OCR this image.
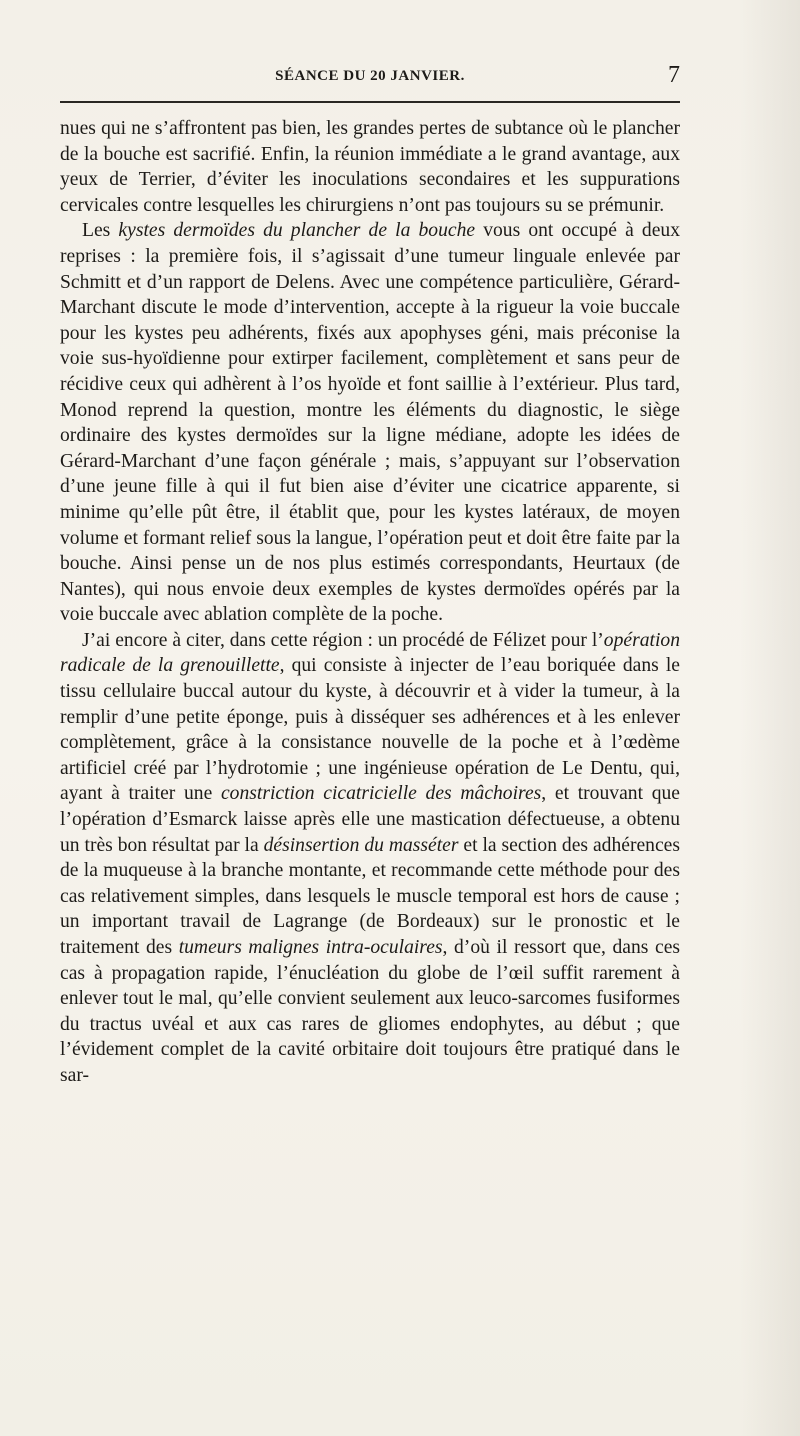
SÉANCE DU 20 JANVIER.	7

nues qui ne s’affrontent pas bien, les grandes pertes de subtance où le plancher de la bouche est sacrifié. Enfin, la réunion immédiate a le grand avantage, aux yeux de Terrier, d’éviter les inoculations secondaires et les suppurations cervicales contre lesquelles les chirurgiens n’ont pas toujours su se prémunir.

Les kystes dermoïdes du plancher de la bouche vous ont occupé à deux reprises : la première fois, il s’agissait d’une tumeur linguale enlevée par Schmitt et d’un rapport de Delens. Avec une compétence particulière, Gérard-Marchant discute le mode d’intervention, accepte à la rigueur la voie buccale pour les kystes peu adhérents, fixés aux apophyses géni, mais préconise la voie sus-hyoïdienne pour extirper facilement, complètement et sans peur de récidive ceux qui adhèrent à l’os hyoïde et font saillie à l’extérieur. Plus tard, Monod reprend la question, montre les éléments du diagnostic, le siège ordinaire des kystes dermoïdes sur la ligne médiane, adopte les idées de Gérard-Marchant d’une façon générale ; mais, s’appuyant sur l’observation d’une jeune fille à qui il fut bien aise d’éviter une cicatrice apparente, si minime qu’elle pût être, il établit que, pour les kystes latéraux, de moyen volume et formant relief sous la langue, l’opération peut et doit être faite par la bouche. Ainsi pense un de nos plus estimés correspondants, Heurtaux (de Nantes), qui nous envoie deux exemples de kystes dermoïdes opérés par la voie buccale avec ablation complète de la poche.

J’ai encore à citer, dans cette région : un procédé de Félizet pour l’opération radicale de la grenouillette, qui consiste à injecter de l’eau boriquée dans le tissu cellulaire buccal autour du kyste, à découvrir et à vider la tumeur, à la remplir d’une petite éponge, puis à disséquer ses adhérences et à les enlever complètement, grâce à la consistance nouvelle de la poche et à l’œdème artificiel créé par l’hydrotomie ; une ingénieuse opération de Le Dentu, qui, ayant à traiter une constriction cicatricielle des mâchoires, et trouvant que l’opération d’Esmarck laisse après elle une mastication défectueuse, a obtenu un très bon résultat par la désinsertion du masséter et la section des adhérences de la muqueuse à la branche montante, et recommande cette méthode pour des cas relativement simples, dans lesquels le muscle temporal est hors de cause ; un important travail de Lagrange (de Bordeaux) sur le pronostic et le traitement des tumeurs malignes intra-oculaires, d’où il ressort que, dans ces cas à propagation rapide, l’énucléation du globe de l’œil suffit rarement à enlever tout le mal, qu’elle convient seulement aux leuco-sarcomes fusiformes du tractus uvéal et aux cas rares de gliomes endophytes, au début ; que l’évidement complet de la cavité orbitaire doit toujours être pratiqué dans le sar-
